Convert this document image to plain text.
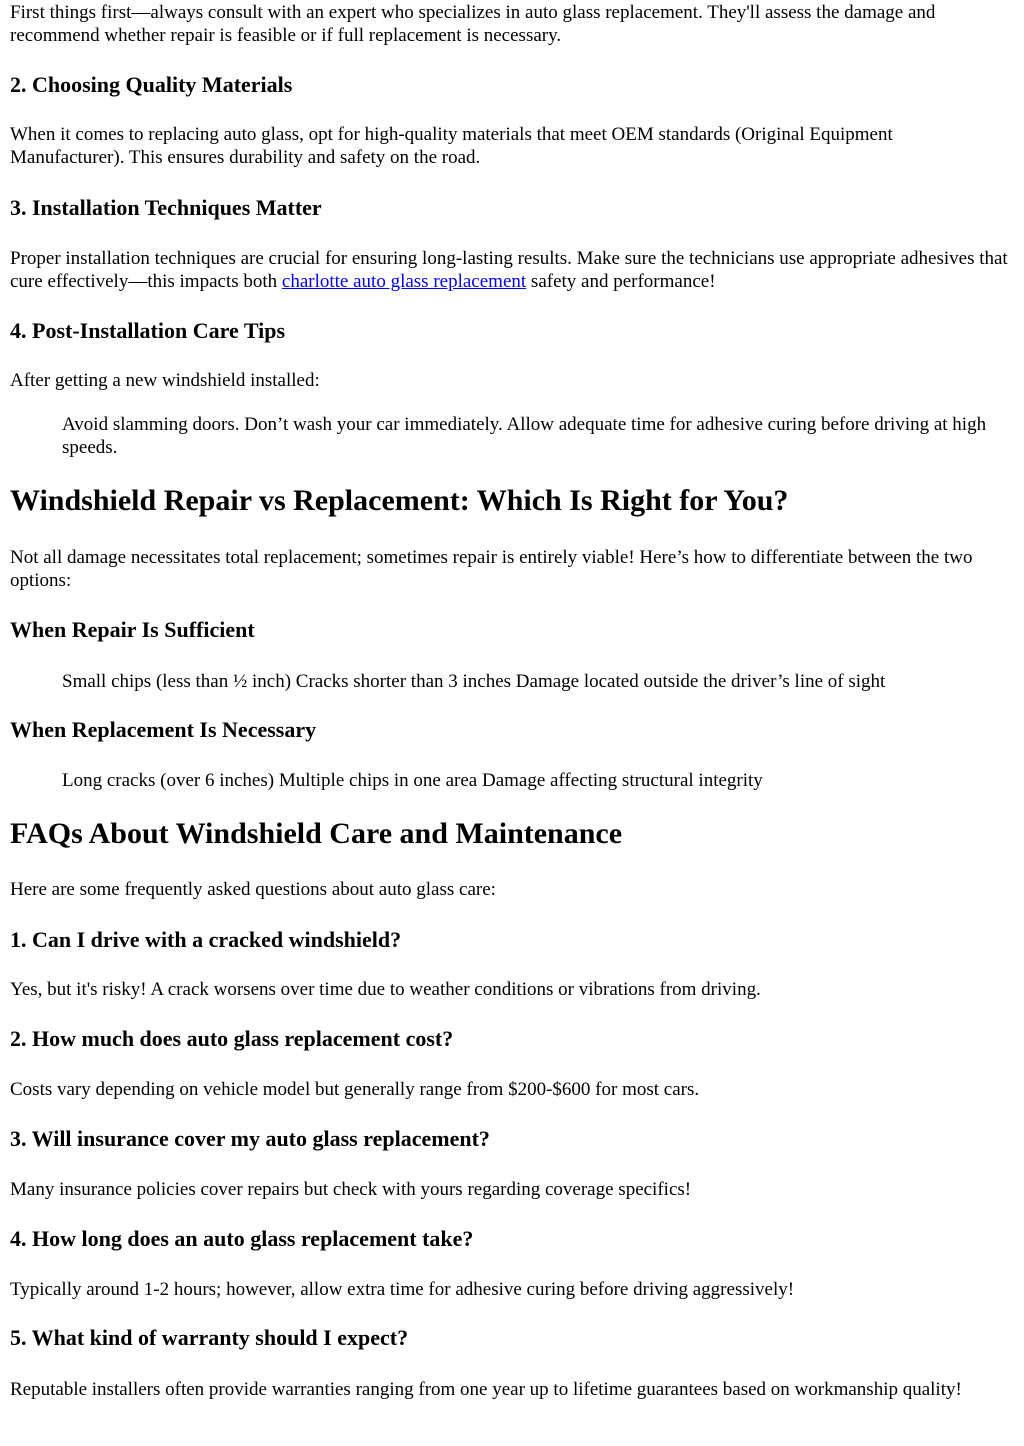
First things first—always consult with an expert who specializes in auto glass replacement. They'll assess the damage and recommend whether repair is feasible or if full replacement is necessary.

2. Choosing Quality Materials

When it comes to replacing auto glass, opt for high-quality materials that meet OEM standards (Original Equipment Manufacturer). This ensures durability and safety on the road.

3. Installation Techniques Matter

Proper installation techniques are crucial for ensuring long-lasting results. Make sure the technicians use appropriate adhesives that cure effectively—this impacts both charlotte auto glass replacement safety and performance!

4. Post-Installation Care Tips

After getting a new windshield installed:

Avoid slamming doors. Don’t wash your car immediately. Allow adequate time for adhesive curing before driving at high speeds.

Windshield Repair vs Replacement: Which Is Right for You?

Not all damage necessitates total replacement; sometimes repair is entirely viable! Here’s how to differentiate between the two options:

When Repair Is Sufficient

Small chips (less than ½ inch) Cracks shorter than 3 inches Damage located outside the driver’s line of sight

When Replacement Is Necessary

Long cracks (over 6 inches) Multiple chips in one area Damage affecting structural integrity

FAQs About Windshield Care and Maintenance

Here are some frequently asked questions about auto glass care:

1. Can I drive with a cracked windshield?

Yes, but it's risky! A crack worsens over time due to weather conditions or vibrations from driving.

2. How much does auto glass replacement cost?

Costs vary depending on vehicle model but generally range from $200-$600 for most cars.

3. Will insurance cover my auto glass replacement?

Many insurance policies cover repairs but check with yours regarding coverage specifics!

4. How long does an auto glass replacement take?

Typically around 1-2 hours; however, allow extra time for adhesive curing before driving aggressively!

5. What kind of warranty should I expect?

Reputable installers often provide warranties ranging from one year up to lifetime guarantees based on workmanship quality!
